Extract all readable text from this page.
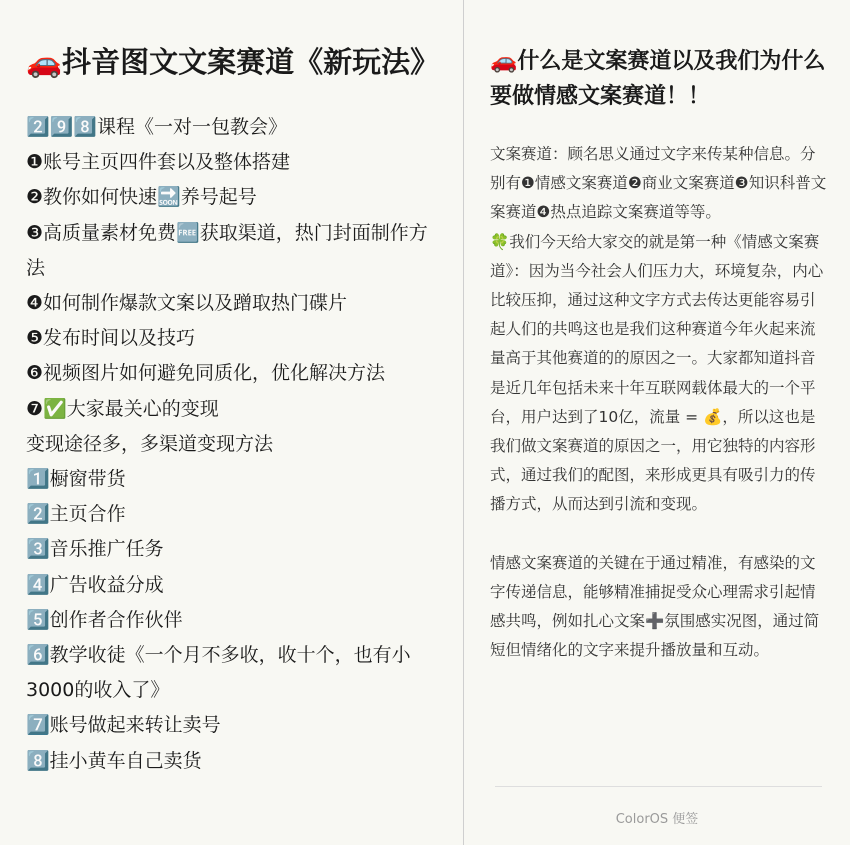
🚗抖音图文文案赛道《新玩法》
2️⃣9️⃣8️⃣课程《一对一包教会》
❶账号主页四件套以及整体搭建
❷教你如何快速🔜养号起号
❸高质量素材免费🆓获取渠道，热门封面制作方法
❹如何制作爆款文案以及蹭取热门碟片
❺发布时间以及技巧
❻视频图片如何避免同质化，优化解决方法
❼✅大家最关心的变现
变现途径多，多渠道变现方法
1️⃣橱窗带货
2️⃣主页合作
3️⃣音乐推广任务
4️⃣广告收益分成
5️⃣创作者合作伙伴
6️⃣教学收徒《一个月不多收，收十个，也有小3000的收入了》
7️⃣账号做起来转让卖号
8️⃣挂小黄车自己卖货
🚗什么是文案赛道以及我们为什么要做情感文案赛道！！
文案赛道：顾名思义通过文字来传某种信息。分别有❶情感文案赛道❷商业文案赛道❸知识科普文案赛道❹热点追踪文案赛道等等。
🍀我们今天给大家交的就是第一种《情感文案赛道》：因为当今社会人们压力大，环境复杂，内心比较压抑，通过这种文字方式去传达更能容易引起人们的共鸣这也是我们这种赛道今年火起来流量高于其他赛道的的原因之一。大家都知道抖音是近几年包括未来十年互联网载体最大的一个平台，用户达到了10亿，流量 = 💰，所以这也是我们做文案赛道的原因之一，用它独特的内容形式，通过我们的配图，来形成更具有吸引力的传播方式，从而达到引流和变现。
情感文案赛道的关键在于通过精准，有感染的文字传递信息，能够精准捕捉受众心理需求引起情感共鸣，例如扎心文案➕氛围感实况图，通过简短但情绪化的文字来提升播放量和互动。
ColorOS 便签
